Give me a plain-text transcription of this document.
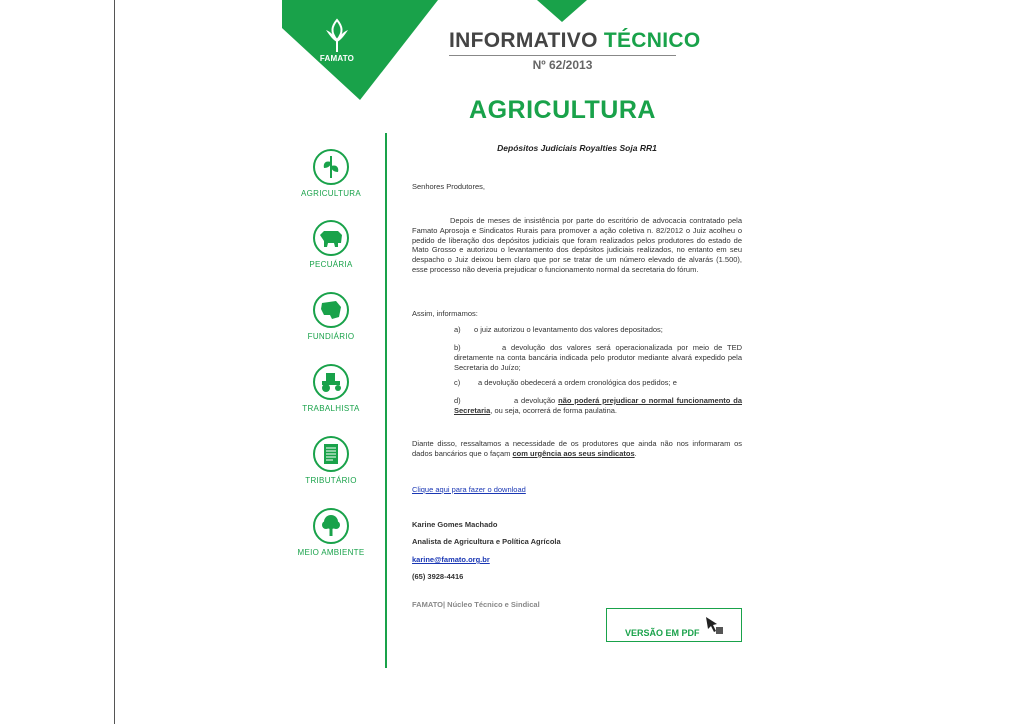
FAMATO
INFORMATIVO TÉCNICO
Nº 62/2013
AGRICULTURA
AGRICULTURA
PECUÁRIA
FUNDIÁRIO
TRABALHISTA
TRIBUTÁRIO
MEIO AMBIENTE
Depósitos Judiciais Royalties Soja RR1
Senhores Produtores,
Depois de meses de insistência por parte do escritório de advocacia contratado pela Famato Aprosoja e Sindicatos Rurais para promover a ação coletiva n. 82/2012 o Juiz acolheu o pedido de liberação dos depósitos judiciais que foram realizados pelos produtores do estado de Mato Grosso e autorizou o levantamento dos depósitos judiciais realizados, no entanto em seu despacho o Juiz deixou bem claro que por se tratar de um número elevado de alvarás (1.500), esse processo não deveria prejudicar o funcionamento normal da secretaria do fórum.
Assim, informamos:
a) o juiz autorizou o levantamento dos valores depositados;
b)	a devolução dos valores será operacionalizada por meio de TED diretamente na conta bancária indicada pelo produtor mediante alvará expedido pela Secretaria do Juízo;
c) a devolução obedecerá a ordem cronológica dos pedidos; e
d)	a devolução não poderá prejudicar o normal funcionamento da Secretaria, ou seja, ocorrerá de forma paulatina.
Diante disso, ressaltamos a necessidade de os produtores que ainda não nos informaram os dados bancários que o façam com urgência aos seus sindicatos.
Clique aqui para fazer o download
Karine Gomes Machado
Analista de Agricultura e Política Agrícola
karine@famato.org.br
(65) 3928-4416
FAMATO| Núcleo Técnico e Sindical
VERSÃO EM PDF
